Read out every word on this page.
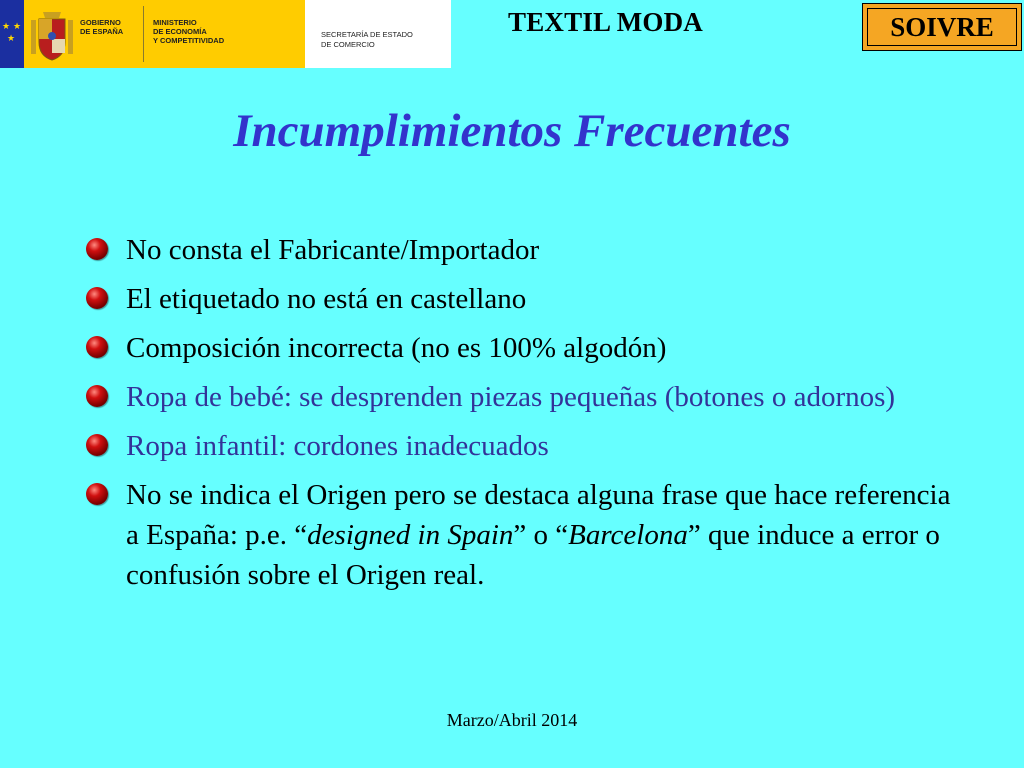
★ ★
★
GOBIERNO
DE ESPAÑA
MINISTERIO
DE ECONOMÍA
Y COMPETITIVIDAD
SECRETARÍA DE ESTADO
DE COMERCIO
TEXTIL MODA	SOIVRE
Incumplimientos Frecuentes
No consta el Fabricante/Importador
El etiquetado no está en castellano
Composición incorrecta (no es 100% algodón)
Ropa de bebé: se desprenden piezas pequeñas (botones o adornos)
Ropa infantil: cordones inadecuados
No se indica el Origen pero se destaca alguna frase que hace referencia a España: p.e. “designed in Spain” o “Barcelona” que induce a error o confusión sobre el Origen real.
Marzo/Abril 2014
